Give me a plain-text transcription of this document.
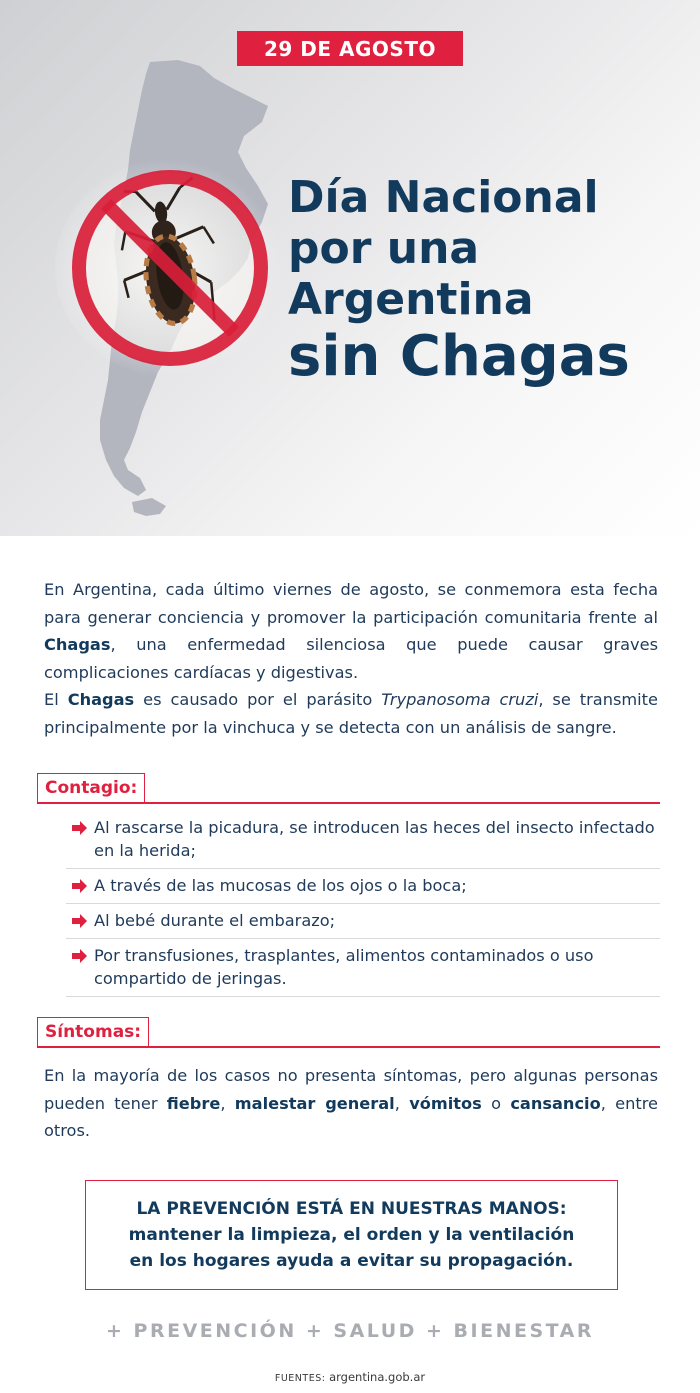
29 DE AGOSTO
Día Nacional
por una
Argentina
sin Chagas

En Argentina, cada último viernes de agosto, se conmemora esta fecha para generar conciencia y promover la participación comunitaria frente al Chagas, una enfermedad silenciosa que puede causar graves complicaciones cardíacas y digestivas.

El Chagas es causado por el parásito Trypanosoma cruzi, se transmite principalmente por la vinchuca y se detecta con un análisis de sangre.

Contagio:
Al rascarse la picadura, se introducen las heces del insecto infectado en la herida;
A través de las mucosas de los ojos o la boca;
Al bebé durante el embarazo;
Por transfusiones, trasplantes, alimentos contaminados o uso compartido de jeringas.
Síntomas:

En la mayoría de los casos no presenta síntomas, pero algunas personas pueden tener fiebre, malestar general, vómitos o cansancio, entre otros.

LA PREVENCIÓN ESTÁ EN NUESTRAS MANOS:
mantener la limpieza, el orden y la ventilación
en los hogares ayuda a evitar su propagación.
+ PREVENCIÓN + SALUD + BIENESTAR
FUENTES: argentina.gob.ar
